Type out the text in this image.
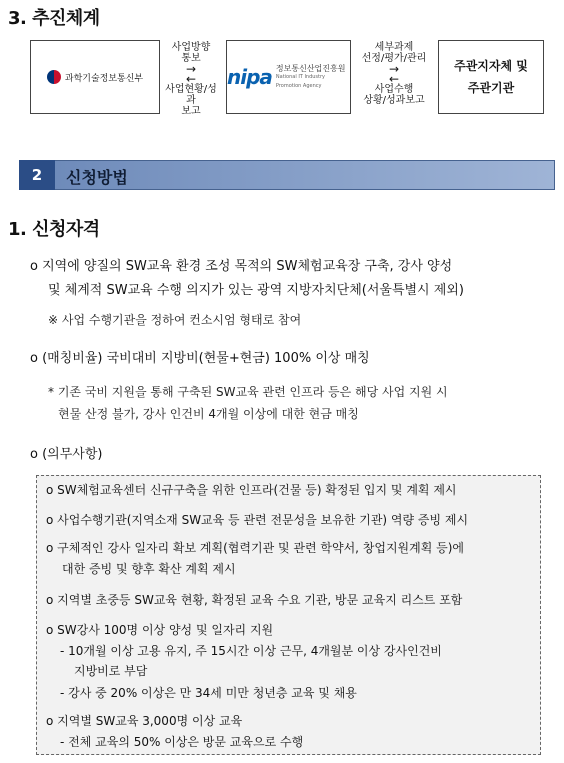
3. 추진체계
과학기술정보통신부
사업방향
통보
→
←
사업현황/성과
보고
nipa 정보통신산업진흥원
National IT Industry Promotion Agency
세부과제
선정/평가/관리
→
←
사업수행
상황/성과보고
주관지자체 및
주관기관
2	신청방법
1. 신청자격
o 지역에 양질의 SW교육 환경 조성 목적의 SW체험교육장 구축, 강사 양성
및 체계적 SW교육 수행 의지가 있는 광역 지방자치단체(서울특별시 제외)
※ 사업 수행기관을 정하여 컨소시엄 형태로 참여
o (매칭비율) 국비대비 지방비(현물+현금) 100% 이상 매칭
* 기존 국비 지원을 통해 구축된 SW교육 관련 인프라 등은 해당 사업 지원 시
현물 산정 불가, 강사 인건비 4개월 이상에 대한 현금 매칭
o (의무사항)
o SW체험교육센터 신규구축을 위한 인프라(건물 등) 확정된 입지 및 계획 제시
o 사업수행기관(지역소재 SW교육 등 관련 전문성을 보유한 기관) 역량 증빙 제시
o 구체적인 강사 일자리 확보 계획(협력기관 및 관련 학약서, 창업지원계획 등)에
대한 증빙 및 향후 확산 계획 제시
o 지역별 초중등 SW교육 현황, 확정된 교육 수요 기관, 방문 교육지 리스트 포함
o SW강사 100명 이상 양성 및 일자리 지원
- 10개월 이상 고용 유지, 주 15시간 이상 근무, 4개월분 이상 강사인건비
지방비로 부담
- 강사 중 20% 이상은 만 34세 미만 청년층 교육 및 채용
o 지역별 SW교육 3,000명 이상 교육
- 전체 교육의 50% 이상은 방문 교육으로 수행
